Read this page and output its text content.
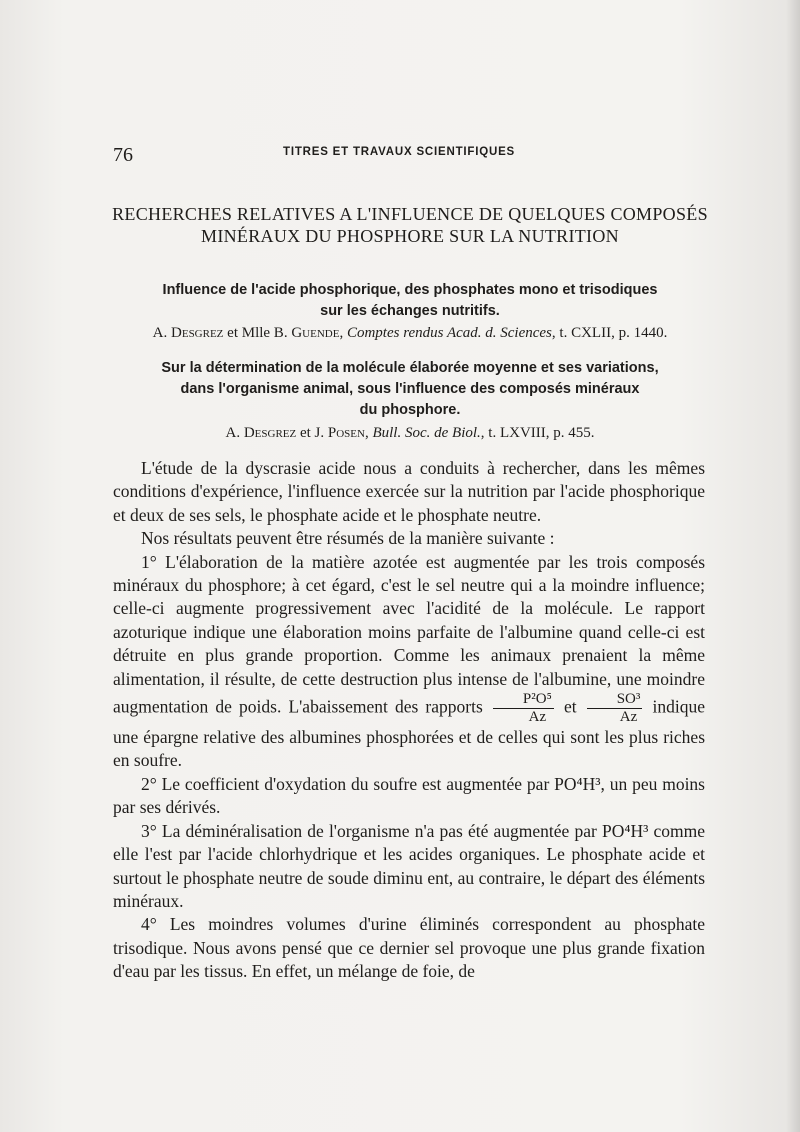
76	TITRES ET TRAVAUX SCIENTIFIQUES
RECHERCHES RELATIVES A L'INFLUENCE DE QUELQUES COMPOSÉS
MINÉRAUX DU PHOSPHORE SUR LA NUTRITION
Influence de l'acide phosphorique, des phosphates mono et trisodiques
sur les échanges nutritifs.
A. Desgrez et Mlle B. Guende, Comptes rendus Acad. d. Sciences, t. CXLII, p. 1440.
Sur la détermination de la molécule élaborée moyenne et ses variations,
dans l'organisme animal, sous l'influence des composés minéraux
du phosphore.
A. Desgrez et J. Posen, Bull. Soc. de Biol., t. LXVIII, p. 455.

L'étude de la dyscrasie acide nous a conduits à rechercher, dans les mêmes conditions d'expérience, l'influence exercée sur la nutrition par l'acide phosphorique et deux de ses sels, le phosphate acide et le phosphate neutre.

Nos résultats peuvent être résumés de la manière suivante :

1° L'élaboration de la matière azotée est augmentée par les trois composés minéraux du phosphore; à cet égard, c'est le sel neutre qui a la moindre influence; celle-ci augmente progressivement avec l'acidité de la molécule. Le rapport azoturique indique une élaboration moins parfaite de l'albumine quand celle-ci est détruite en plus grande proportion. Comme les animaux prenaient la même alimentation, il résulte, de cette destruction plus intense de l'albumine, une moindre augmentation de poids. L'abaissement des rapports $\frac{\text{P²O⁵}}{Az}$ et $\frac{\text{SO³}}{Az}$ indique une épargne relative des albumines phosphorées et de celles qui sont les plus riches en soufre.

2° Le coefficient d'oxydation du soufre est augmentée par PO⁴H³, un peu moins par ses dérivés.

3° La déminéralisation de l'organisme n'a pas été augmentée par PO⁴H³ comme elle l'est par l'acide chlorhydrique et les acides organiques. Le phosphate acide et surtout le phosphate neutre de soude diminu ent, au contraire, le départ des éléments minéraux.

4° Les moindres volumes d'urine éliminés correspondent au phosphate trisodique. Nous avons pensé que ce dernier sel provoque une plus grande fixation d'eau par les tissus. En effet, un mélange de foie, de
